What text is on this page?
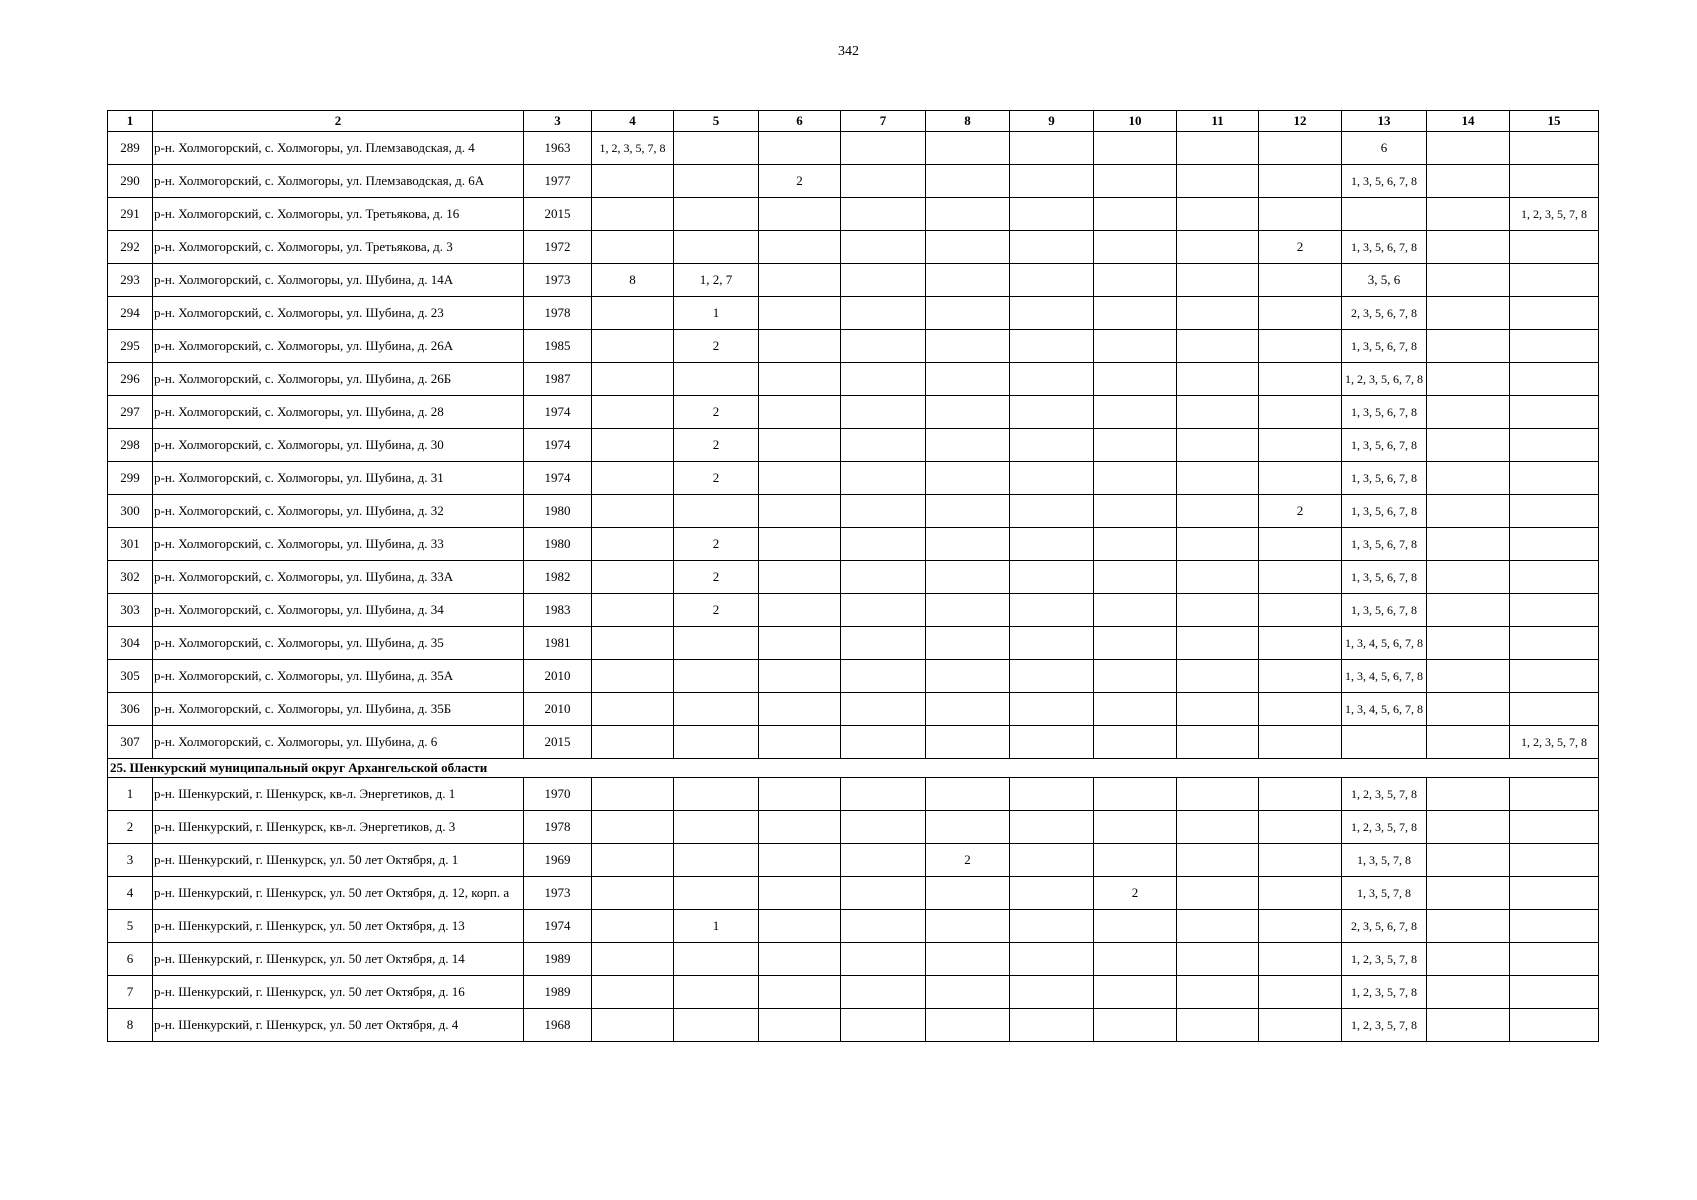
342
1	2	3	4	5	6	7	8	9	10	11	12	13	14	15
289	р-н. Холмогорский, с. Холмогоры, ул. Племзаводская, д. 4	1963	1, 2, 3, 5, 7, 8									6		
290	р-н. Холмогорский, с. Холмогоры, ул. Племзаводская, д. 6А	1977			2							1, 3, 5, 6, 7, 8		
291	р-н. Холмогорский, с. Холмогоры, ул. Третьякова, д. 16	2015												1, 2, 3, 5, 7, 8
292	р-н. Холмогорский, с. Холмогоры, ул. Третьякова, д. 3	1972									2	1, 3, 5, 6, 7, 8		
293	р-н. Холмогорский, с. Холмогоры, ул. Шубина, д. 14А	1973	8	1, 2, 7								3, 5, 6		
294	р-н. Холмогорский, с. Холмогоры, ул. Шубина, д. 23	1978		1								2, 3, 5, 6, 7, 8		
295	р-н. Холмогорский, с. Холмогоры, ул. Шубина, д. 26А	1985		2								1, 3, 5, 6, 7, 8		
296	р-н. Холмогорский, с. Холмогоры, ул. Шубина, д. 26Б	1987										1, 2, 3, 5, 6, 7, 8		
297	р-н. Холмогорский, с. Холмогоры, ул. Шубина, д. 28	1974		2								1, 3, 5, 6, 7, 8		
298	р-н. Холмогорский, с. Холмогоры, ул. Шубина, д. 30	1974		2								1, 3, 5, 6, 7, 8		
299	р-н. Холмогорский, с. Холмогоры, ул. Шубина, д. 31	1974		2								1, 3, 5, 6, 7, 8		
300	р-н. Холмогорский, с. Холмогоры, ул. Шубина, д. 32	1980									2	1, 3, 5, 6, 7, 8		
301	р-н. Холмогорский, с. Холмогоры, ул. Шубина, д. 33	1980		2								1, 3, 5, 6, 7, 8		
302	р-н. Холмогорский, с. Холмогоры, ул. Шубина, д. 33А	1982		2								1, 3, 5, 6, 7, 8		
303	р-н. Холмогорский, с. Холмогоры, ул. Шубина, д. 34	1983		2								1, 3, 5, 6, 7, 8		
304	р-н. Холмогорский, с. Холмогоры, ул. Шубина, д. 35	1981										1, 3, 4, 5, 6, 7, 8		
305	р-н. Холмогорский, с. Холмогоры, ул. Шубина, д. 35А	2010										1, 3, 4, 5, 6, 7, 8		
306	р-н. Холмогорский, с. Холмогоры, ул. Шубина, д. 35Б	2010										1, 3, 4, 5, 6, 7, 8		
307	р-н. Холмогорский, с. Холмогоры, ул. Шубина, д. 6	2015												1, 2, 3, 5, 7, 8
25. Шенкурский муниципальный округ Архангельской области														
1	р-н. Шенкурский, г. Шенкурск, кв-л. Энергетиков, д. 1	1970										1, 2, 3, 5, 7, 8		
2	р-н. Шенкурский, г. Шенкурск, кв-л. Энергетиков, д. 3	1978										1, 2, 3, 5, 7, 8		
3	р-н. Шенкурский, г. Шенкурск, ул. 50 лет Октября, д. 1	1969					2					1, 3, 5, 7, 8		
4	р-н. Шенкурский, г. Шенкурск, ул. 50 лет Октября, д. 12, корп. а	1973							2			1, 3, 5, 7, 8		
5	р-н. Шенкурский, г. Шенкурск, ул. 50 лет Октября, д. 13	1974		1								2, 3, 5, 6, 7, 8		
6	р-н. Шенкурский, г. Шенкурск, ул. 50 лет Октября, д. 14	1989										1, 2, 3, 5, 7, 8		
7	р-н. Шенкурский, г. Шенкурск, ул. 50 лет Октября, д. 16	1989										1, 2, 3, 5, 7, 8		
8	р-н. Шенкурский, г. Шенкурск, ул. 50 лет Октября, д. 4	1968										1, 2, 3, 5, 7, 8		
